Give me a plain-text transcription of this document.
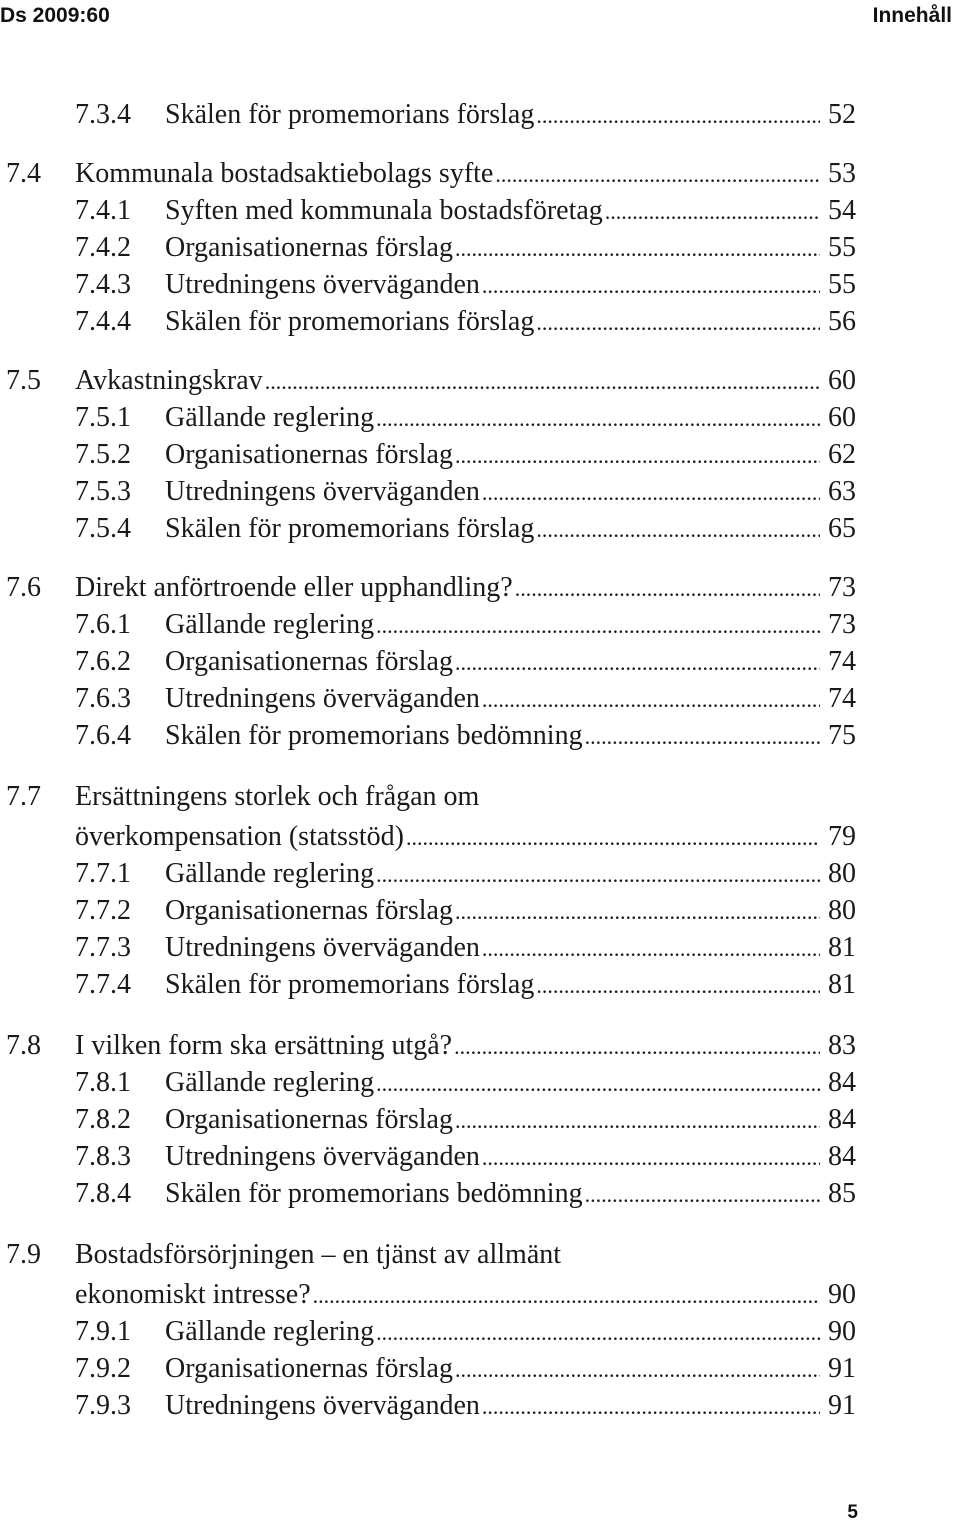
Ds 2009:60	Innehåll
7.3.4 Skälen för promemorians förslag .....	52
7.4 Kommunala bostadsaktiebolags syfte .....	53
7.4.1 Syften med kommunala bostadsföretag .....	54
7.4.2 Organisationernas förslag .....	55
7.4.3 Utredningens överväganden .....	55
7.4.4 Skälen för promemorians förslag .....	56
7.5 Avkastningskrav .....	60
7.5.1 Gällande reglering .....	60
7.5.2 Organisationernas förslag .....	62
7.5.3 Utredningens överväganden .....	63
7.5.4 Skälen för promemorians förslag .....	65
7.6 Direkt anförtroende eller upphandling? .....	73
7.6.1 Gällande reglering .....	73
7.6.2 Organisationernas förslag .....	74
7.6.3 Utredningens överväganden .....	74
7.6.4 Skälen för promemorians bedömning .....	75
7.7 Ersättningens storlek och frågan om
överkompensation (statsstöd) .....	79
7.7.1 Gällande reglering .....	80
7.7.2 Organisationernas förslag .....	80
7.7.3 Utredningens överväganden .....	81
7.7.4 Skälen för promemorians förslag .....	81
7.8 I vilken form ska ersättning utgå? .....	83
7.8.1 Gällande reglering .....	84
7.8.2 Organisationernas förslag .....	84
7.8.3 Utredningens överväganden .....	84
7.8.4 Skälen för promemorians bedömning .....	85
7.9 Bostadsförsörjningen – en tjänst av allmänt
ekonomiskt intresse? .....	90
7.9.1 Gällande reglering .....	90
7.9.2 Organisationernas förslag .....	91
7.9.3 Utredningens överväganden .....	91
5
